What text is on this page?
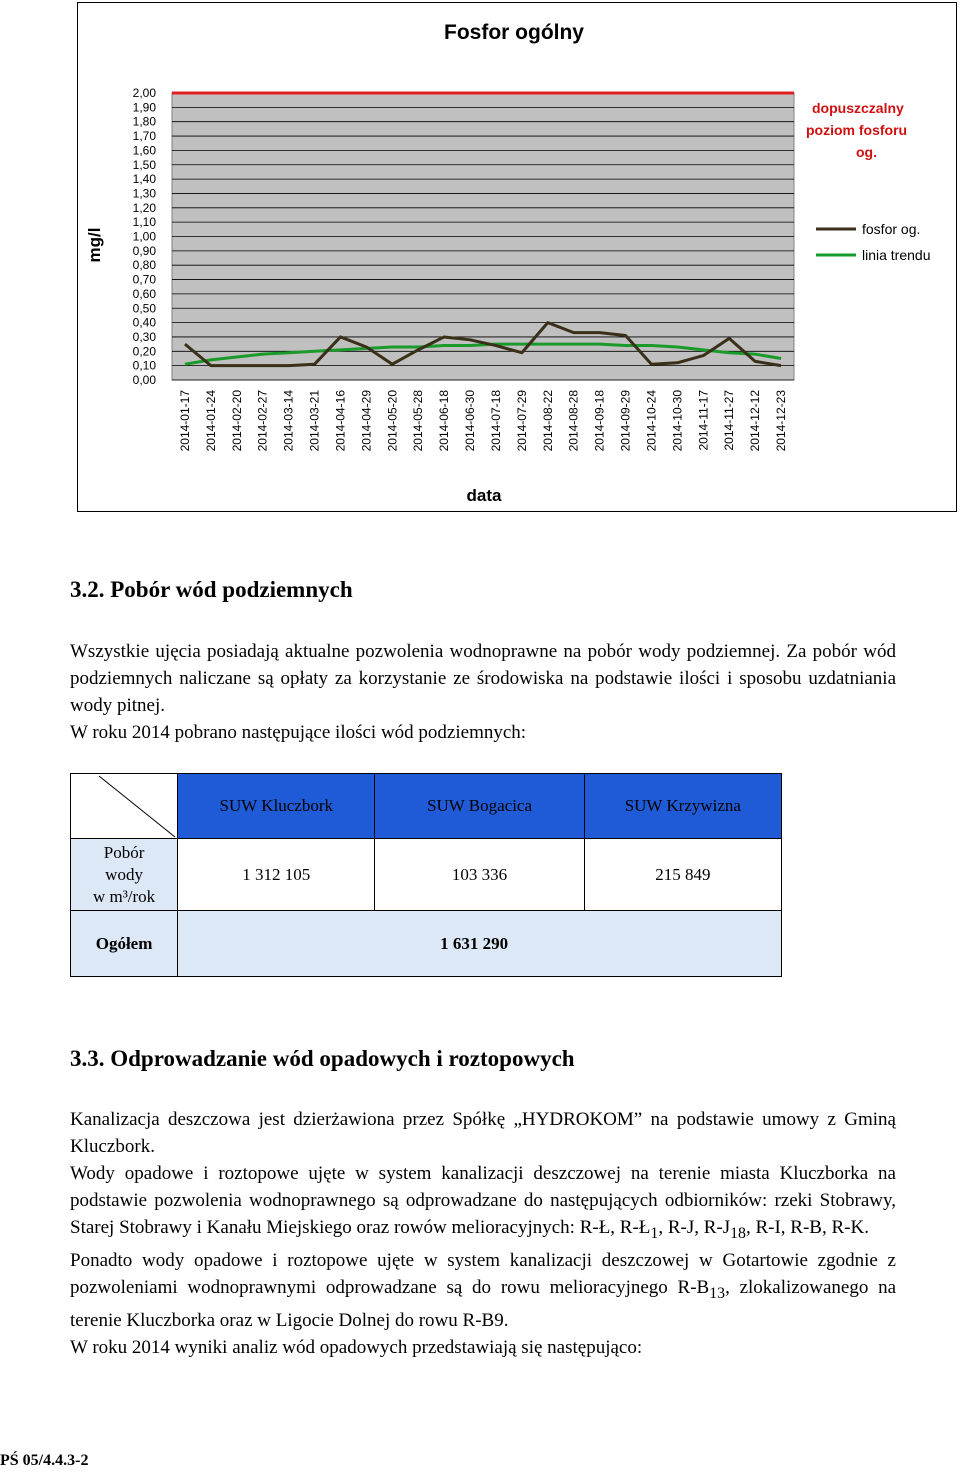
Fosfor ogólny
2,00
1,90
1,80
1,70
1,60
1,50
1,40
1,30
1,20
1,10
1,00
0,90
0,80
0,70
0,60
0,50
0,40
0,30
0,20
0,10
0,00
2014-01-17 2014-01-24 2014-02-20 2014-02-27 2014-03-14 2014-03-21 2014-04-16 2014-04-29 2014-05-20 2014-05-28 2014-06-18 2014-06-30 2014-07-18 2014-07-29 2014-08-22 2014-08-28 2014-09-18 2014-09-29 2014-10-24 2014-10-30 2014-11-17 2014-11-27 2014-12-12 2014-12-23
mg/l
data
dopuszczalny
poziom fosforu
og.
fosfor og.
linia trendu
3.2. Pobór wód podziemnych

Wszystkie ujęcia posiadają aktualne pozwolenia wodnoprawne na pobór wody podziemnej. Za pobór wód podziemnych naliczane są opłaty za korzystanie ze środowiska na podstawie ilości i sposobu uzdatniania wody pitnej.

W roku 2014 pobrano następujące ilości wód podziemnych:

	SUW Kluczbork	SUW Bogacica	SUW Krzywizna

Pobór
wody
w m³/rok	1 312 105	103 336	215 849
Ogółem	1 631 290		
3.3. Odprowadzanie wód opadowych i roztopowych

Kanalizacja deszczowa jest dzierżawiona przez Spółkę „HYDROKOM” na podstawie umowy z Gminą Kluczbork.

Wody opadowe i roztopowe ujęte w system kanalizacji deszczowej na terenie miasta Kluczborka na podstawie pozwolenia wodnoprawnego są odprowadzane do następujących odbiorników: rzeki Stobrawy, Starej Stobrawy i Kanału Miejskiego oraz rowów melioracyjnych: R-Ł, $R-Ł_1$, R-J, $R-J_{18}$, R-I, R-B, R-K.

Ponadto wody opadowe i roztopowe ujęte w system kanalizacji deszczowej w Gotartowie zgodnie z pozwoleniami wodnoprawnymi odprowadzane są do rowu melioracyjnego $R-B_{13}$, zlokalizowanego na terenie Kluczborka oraz w Ligocie Dolnej do rowu R-B9.

W roku 2014 wyniki analiz wód opadowych przedstawiają się następująco:

PŚ 05/4.4.3-2
